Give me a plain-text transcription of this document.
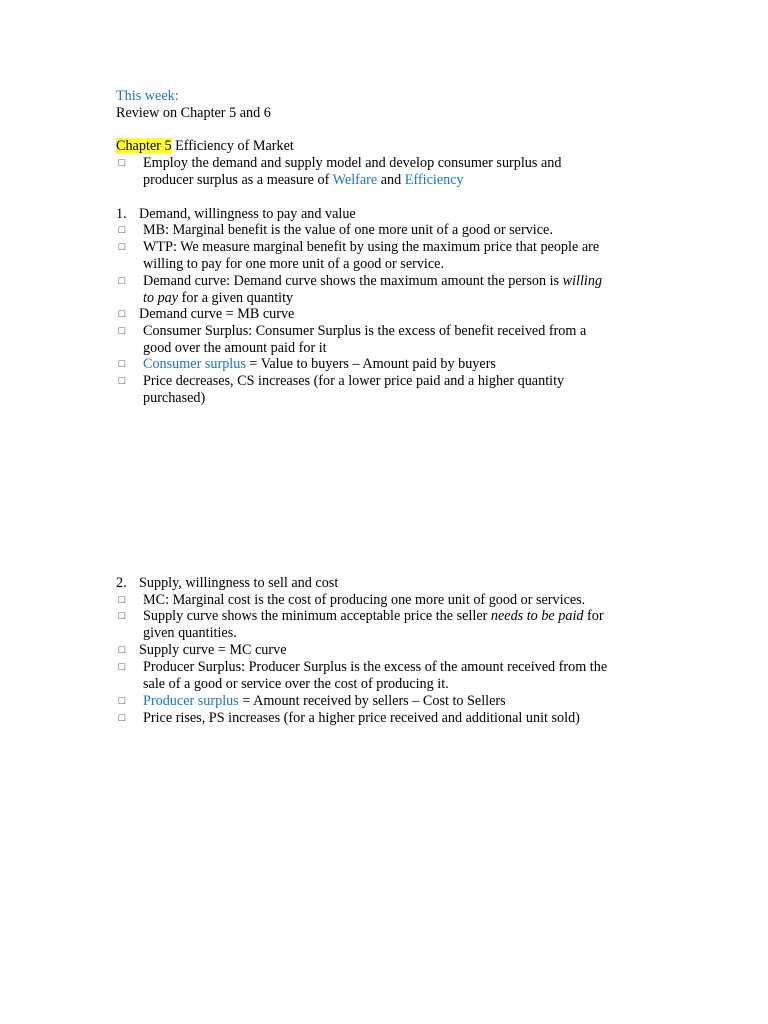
This week:
Review on Chapter 5 and 6
Chapter 5 Efficiency of Market
□
Employ the demand and supply model and develop consumer surplus and
producer surplus as a measure of Welfare and Efficiency
1. Demand, willingness to pay and value
□
MB: Marginal benefit is the value of one more unit of a good or service.
□
WTP: We measure marginal benefit by using the maximum price that people are
willing to pay for one more unit of a good or service.
□
Demand curve: Demand curve shows the maximum amount the person is willing
to pay for a given quantity
□
Demand curve = MB curve
□
Consumer Surplus: Consumer Surplus is the excess of benefit received from a
good over the amount paid for it
□
Consumer surplus = Value to buyers – Amount paid by buyers
□
Price decreases, CS increases (for a lower price paid and a higher quantity
purchased)
2. Supply, willingness to sell and cost
□
MC: Marginal cost is the cost of producing one more unit of good or services.
□
Supply curve shows the minimum acceptable price the seller needs to be paid for
given quantities.
□
Supply curve = MC curve
□
Producer Surplus: Producer Surplus is the excess of the amount received from the
sale of a good or service over the cost of producing it.
□
Producer surplus = Amount received by sellers – Cost to Sellers
□
Price rises, PS increases (for a higher price received and additional unit sold)
